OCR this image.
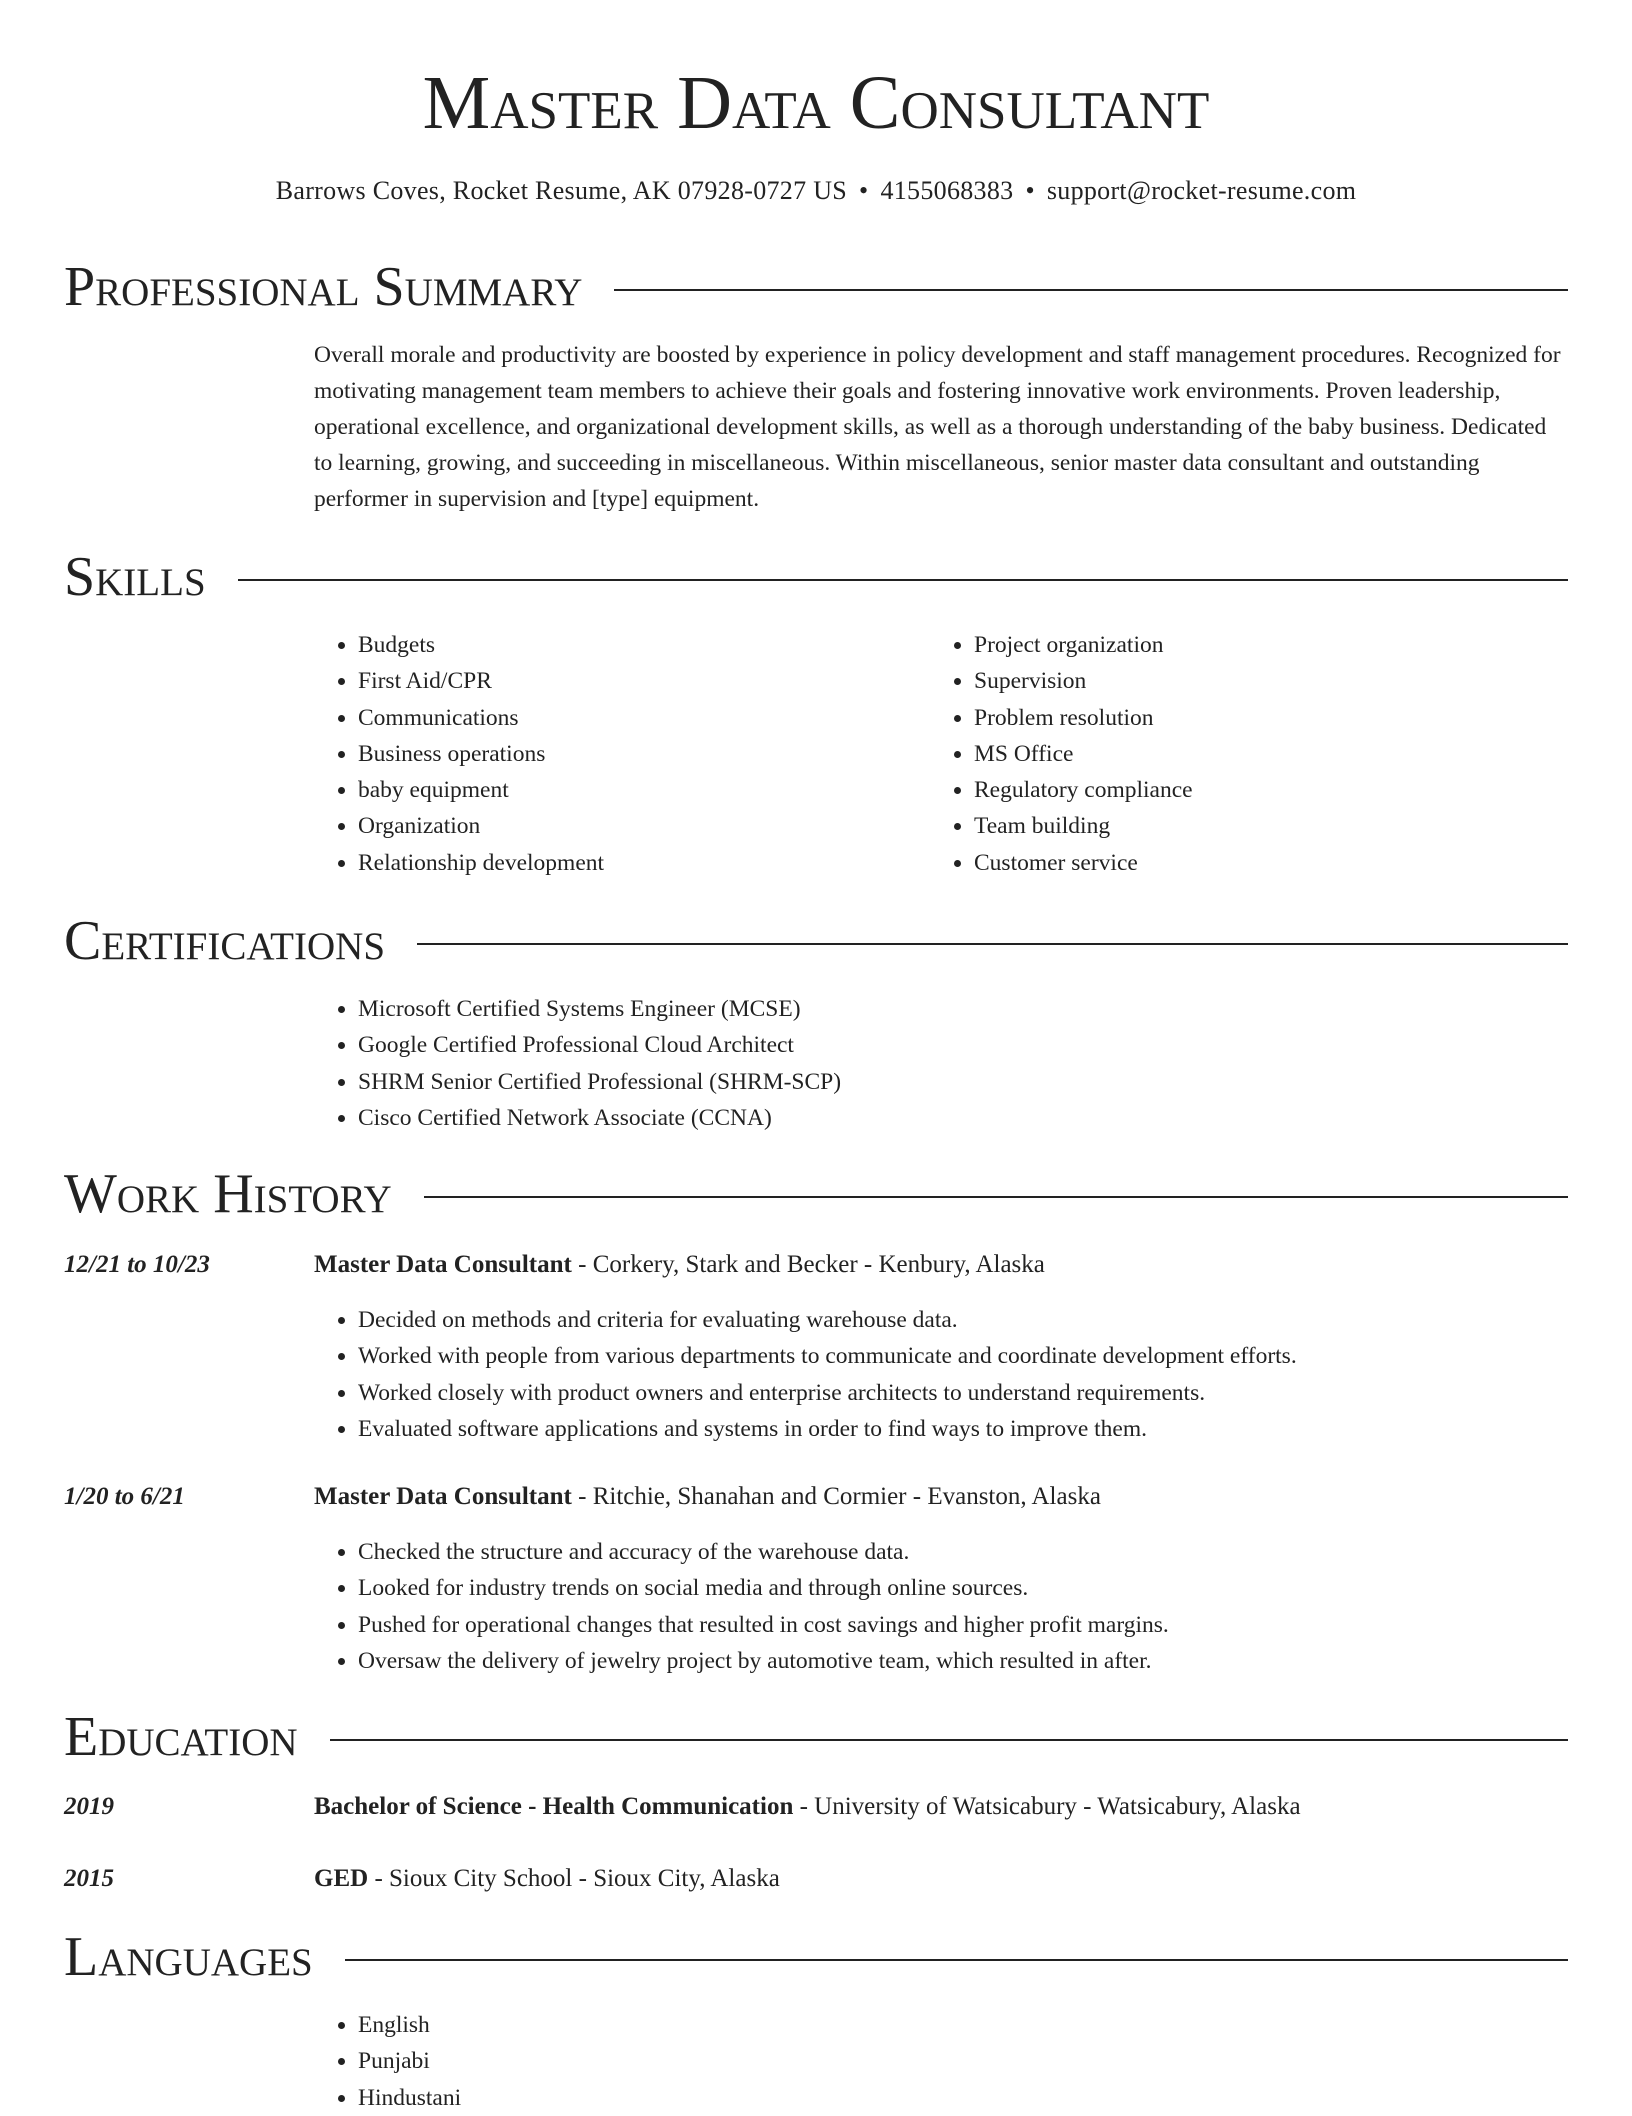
Master Data Consultant
Barrows Coves, Rocket Resume, AK 07928-0727 US • 4155068383 • support@rocket-resume.com
Professional Summary

Overall morale and productivity are boosted by experience in policy development and staff management procedures. Recognized for motivating management team members to achieve their goals and fostering innovative work environments. Proven leadership, operational excellence, and organizational development skills, as well as a thorough understanding of the baby business. Dedicated to learning, growing, and succeeding in miscellaneous. Within miscellaneous, senior master data consultant and outstanding performer in supervision and [type] equipment.

Skills
• Budgets
• First Aid/CPR
• Communications
• Business operations
• baby equipment
• Organization
• Relationship development
• Project organization
• Supervision
• Problem resolution
• MS Office
• Regulatory compliance
• Team building
• Customer service
Certifications
• Microsoft Certified Systems Engineer (MCSE)
• Google Certified Professional Cloud Architect
• SHRM Senior Certified Professional (SHRM-SCP)
• Cisco Certified Network Associate (CCNA)
Work History
12/21 to 10/23	Master Data Consultant - Corkery, Stark and Becker - Kenbury, Alaska
• Decided on methods and criteria for evaluating warehouse data.
• Worked with people from various departments to communicate and coordinate development efforts.
• Worked closely with product owners and enterprise architects to understand requirements.
• Evaluated software applications and systems in order to find ways to improve them.
1/20 to 6/21	Master Data Consultant - Ritchie, Shanahan and Cormier - Evanston, Alaska
• Checked the structure and accuracy of the warehouse data.
• Looked for industry trends on social media and through online sources.
• Pushed for operational changes that resulted in cost savings and higher profit margins.
• Oversaw the delivery of jewelry project by automotive team, which resulted in after.
Education
2019	Bachelor of Science - Health Communication - University of Watsicabury - Watsicabury, Alaska
2015	GED - Sioux City School - Sioux City, Alaska
Languages
• English
• Punjabi
• Hindustani
